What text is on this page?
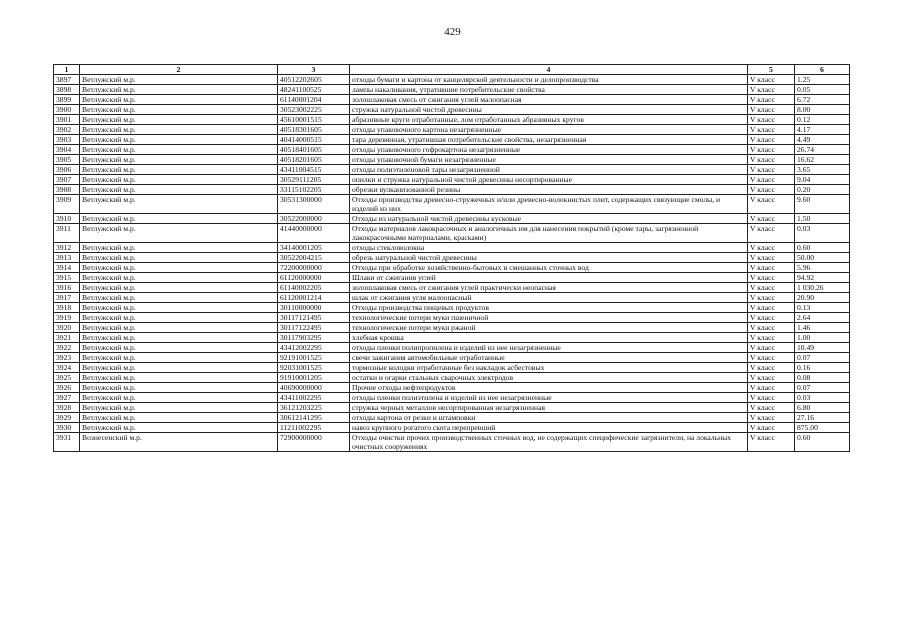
429
1	2	3	4	5	6
3897	Ветлужский м.р.	40512202605	отходы бумаги и картона от канцелярской деятельности и делопроизводства	V класс	1.25
3898	Ветлужский м.р.	48241100525	лампы накаливания, утратившие потребительские свойства	V класс	0.05
3899	Ветлужский м.р.	61140001204	золошлаковая смесь от сжигания углей малоопасная	V класс	6.72
3900	Ветлужский м.р.	30523002225	стружка натуральной чистой древесины	V класс	8.00
3901	Ветлужский м.р.	45610001515	абразивные круги отработанные, лом отработанных абразивных кругов	V класс	0.12
3902	Ветлужский м.р.	40518301605	отходы упаковочного картона незагрязненные	V класс	4.17
3903	Ветлужский м.р.	40414000515	тара деревянная, утратившая потребительские свойства, незагрязненная	V класс	4.49
3904	Ветлужский м.р.	40518401605	отходы упаковочного гофрокартона незагрязненные	V класс	26.74
3905	Ветлужский м.р.	40518201605	отходы упаковочной бумаги незагрязненные	V класс	16.62
3906	Ветлужский м.р.	43411004515	отходы полиэтиленовой тары незагрязненной	V класс	3.65
3907	Ветлужский м.р.	30529111205	опилки и стружка натуральной чистой древесины несортированные	V класс	9.04
3908	Ветлужский м.р.	33115102205	обрезки вулканизованной резины	V класс	0.20
3909	Ветлужский м.р.	30531300000	Отходы производства древесно-стружечных и/или древесно-волокнистых плит, содержащих связующие смолы, и изделий из них	V класс	9.60
3910	Ветлужский м.р.	30522000000	Отходы из натуральной чистой древесины кусковые	V класс	1.50
3911	Ветлужский м.р.	41440000000	Отходы материалов лакокрасочных и аналогичных им для нанесения покрытий (кроме тары, загрязненной лакокрасочными материалами, красками)	V класс	0.03
3912	Ветлужский м.р.	34140001205	отходы стекловолокна	V класс	0.60
3913	Ветлужский м.р.	30522004215	обрезь натуральной чистой древесины	V класс	50.00
3914	Ветлужский м.р.	72200000000	Отходы при обработке хозяйственно-бытовых и смешанных сточных вод	V класс	5.96
3915	Ветлужский м.р.	61120000000	Шлаки от сжигания углей	V класс	94.92
3916	Ветлужский м.р.	61140002205	золошлаковая смесь от сжигания углей практически неопасная	V класс	1 030.26
3917	Ветлужский м.р.	61120001214	шлак от сжигания угля малоопасный	V класс	20.90
3918	Ветлужский м.р.	30110000000	Отходы производства пищевых продуктов	V класс	0.13
3919	Ветлужский м.р.	30117121495	технологические потери муки пшеничной	V класс	2.64
3920	Ветлужский м.р.	30117122495	технологические потери муки ржаной	V класс	1.46
3921	Ветлужский м.р.	30117903295	хлебная крошка	V класс	1.00
3922	Ветлужский м.р.	43412002295	отходы пленки полипропилена и изделий из нее незагрязненные	V класс	10.49
3923	Ветлужский м.р.	92191001525	свечи зажигания автомобильные отработанные	V класс	0.07
3924	Ветлужский м.р.	92031001525	тормозные колодки отработанные без накладок асбестовых	V класс	0.16
3925	Ветлужский м.р.	91910001205	остатки и огарки стальных сварочных электродов	V класс	0.08
3926	Ветлужский м.р.	40690000000	Прочие отходы нефтепродуктов	V класс	0.07
3927	Ветлужский м.р.	43411002295	отходы пленки полиэтилена и изделий из нее незагрязненные	V класс	0.03
3928	Ветлужский м.р.	36121203225	стружка черных металлов несортированная незагрязненная	V класс	6.80
3929	Ветлужский м.р.	30612141295	отходы картона от резки и штамповки	V класс	27.16
3930	Ветлужский м.р.	11211002295	навоз крупного рогатого скота перепревший	V класс	875.00
3931	Вознесенский м.р.	72900000000	Отходы очистки прочих производственных сточных вод, не содержащих специфические загрязнители, на локальных очистных сооружениях	V класс	0.60
